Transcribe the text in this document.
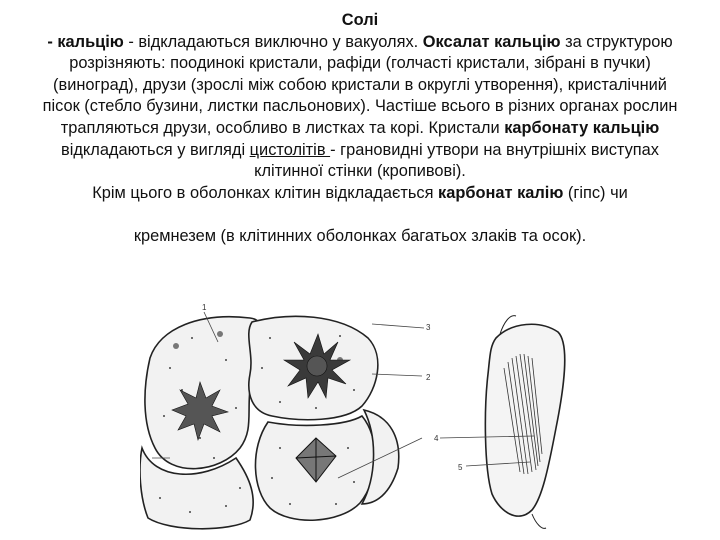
Солі

- кальцію - відкладаються виключно у вакуолях. Оксалат кальцію за структурою розрізняють: поодинокі кристали, рафіди (голчасті кристали, зібрані в пучки) (виноград), друзи (зрослі між собою кристали в округлі утворення), кристалічний пісок (стебло бузини, листки пасльонових). Частіше всього в різних органах рослин трапляються друзи, особливо в листках та корі. Кристали карбонату кальцію відкладаються у вигляді цистолітів - грановидні утвори на внутрішніх виступах клітинної стінки (кропивові).

Крім цього в оболонках клітин відкладається карбонат калію (гіпс) чи

кремнезем (в клітинних оболонках багатьох злаків та осок).

1
2
3
4
5
